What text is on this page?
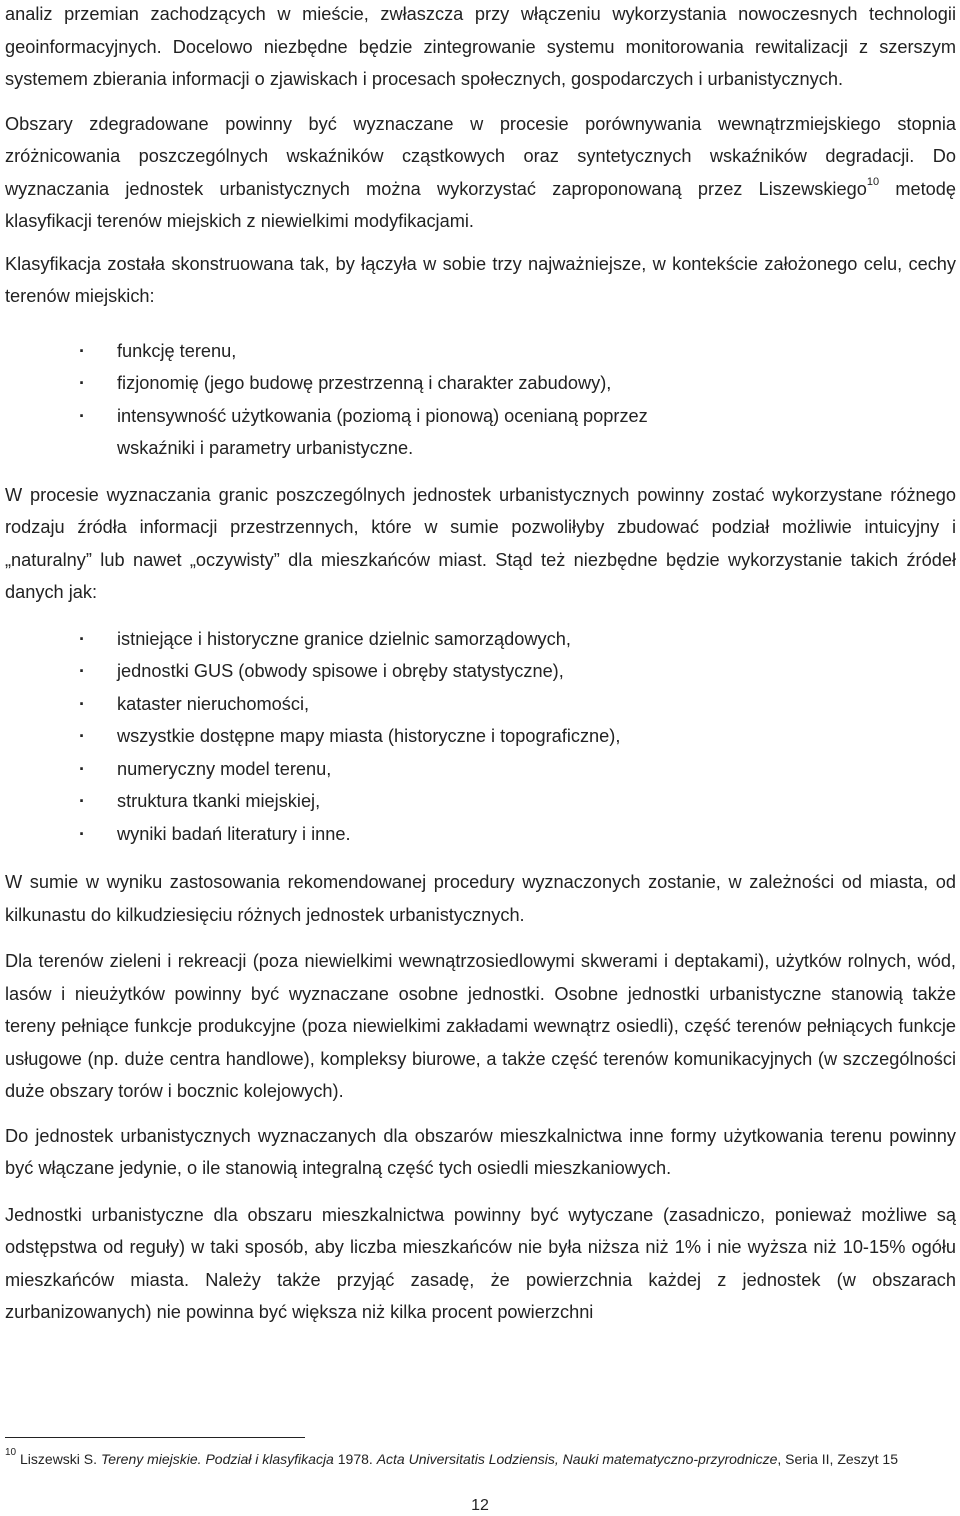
analiz przemian zachodzących w mieście, zwłaszcza przy włączeniu wykorzystania nowoczesnych technologii geoinformacyjnych. Docelowo niezbędne będzie zintegrowanie systemu monitorowania rewitalizacji z szerszym systemem zbierania informacji o zjawiskach i procesach społecznych, gospodarczych i urbanistycznych.

Obszary zdegradowane powinny być wyznaczane w procesie porównywania wewnątrzmiejskiego stopnia zróżnicowania poszczególnych wskaźników cząstkowych oraz syntetycznych wskaźników degradacji. Do wyznaczania jednostek urbanistycznych można wykorzystać zaproponowaną przez Liszewskiego$^{10}$ metodę klasyfikacji terenów miejskich z niewielkimi modyfikacjami.

Klasyfikacja została skonstruowana tak, by łączyła w sobie trzy najważniejsze, w kontekście założonego celu, cechy terenów miejskich:

· funkcję terenu,
· fizjonomię (jego budowę przestrzenną i charakter zabudowy),
· intensywność użytkowania (poziomą i pionową) ocenianą poprzez
wskaźniki i parametry urbanistyczne.

W procesie wyznaczania granic poszczególnych jednostek urbanistycznych powinny zostać wykorzystane różnego rodzaju źródła informacji przestrzennych, które w sumie pozwoliłyby zbudować podział możliwie intuicyjny i „naturalny” lub nawet „oczywisty” dla mieszkańców miast. Stąd też niezbędne będzie wykorzystanie takich źródeł danych jak:

· istniejące i historyczne granice dzielnic samorządowych,
· jednostki GUS (obwody spisowe i obręby statystyczne),
· kataster nieruchomości,
· wszystkie dostępne mapy miasta (historyczne i topograficzne),
· numeryczny model terenu,
· struktura tkanki miejskiej,
· wyniki badań literatury i inne.

W sumie w wyniku zastosowania rekomendowanej procedury wyznaczonych zostanie, w zależności od miasta, od kilkunastu do kilkudziesięciu różnych jednostek urbanistycznych.

Dla terenów zieleni i rekreacji (poza niewielkimi wewnątrzosiedlowymi skwerami i deptakami), użytków rolnych, wód, lasów i nieużytków powinny być wyznaczane osobne jednostki. Osobne jednostki urbanistyczne stanowią także tereny pełniące funkcje produkcyjne (poza niewielkimi zakładami wewnątrz osiedli), część terenów pełniących funkcje usługowe (np. duże centra handlowe), kompleksy biurowe, a także część terenów komunikacyjnych (w szczególności duże obszary torów i bocznic kolejowych).

Do jednostek urbanistycznych wyznaczanych dla obszarów mieszkalnictwa inne formy użytkowania terenu powinny być włączane jedynie, o ile stanowią integralną część tych osiedli mieszkaniowych.

Jednostki urbanistyczne dla obszaru mieszkalnictwa powinny być wytyczane (zasadniczo, ponieważ możliwe są odstępstwa od reguły) w taki sposób, aby liczba mieszkańców nie była niższa niż 1% i nie wyższa niż 10-15% ogółu mieszkańców miasta. Należy także przyjąć zasadę, że powierzchnia każdej z jednostek (w obszarach zurbanizowanych) nie powinna być większa niż kilka procent powierzchni

$^{10}$ Liszewski S. Tereny miejskie. Podział i klasyfikacja 1978. Acta Universitatis Lodziensis, Nauki matematyczno-przyrodnicze, Seria II, Zeszyt 15
12
